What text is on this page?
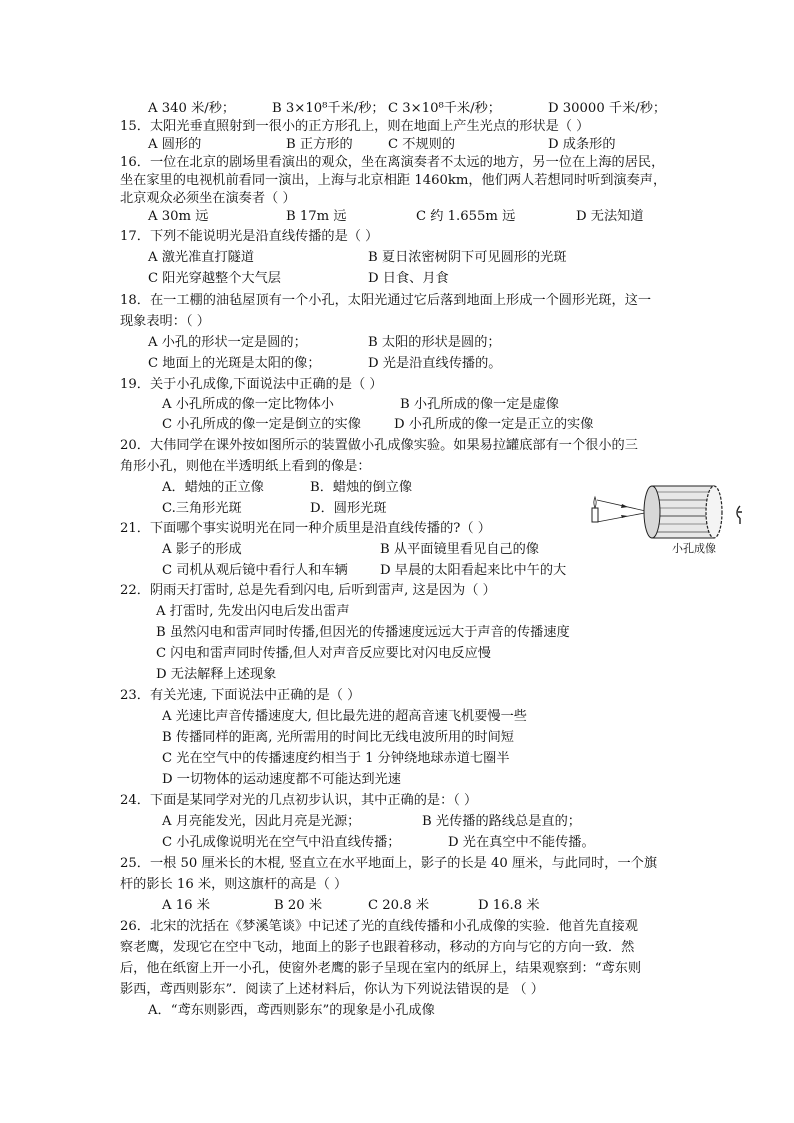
A 340 米/秒；	B 3×10⁸千米/秒； C 3×10⁸千米/秒；	D 30000 千米/秒；
15．太阳光垂直照射到一很小的正方形孔上，则在地面上产生光点的形状是（ ）
A 圆形的	B 正方形的	C 不规则的	D 成条形的
16．一位在北京的剧场里看演出的观众，坐在离演奏者不太远的地方，另一位在上海的居民，
坐在家里的电视机前看同一演出，上海与北京相距 1460km，他们两人若想同时听到演奏声，
北京观众必须坐在演奏者（ ）
A 30m 远	B 17m 远	C 约 1.655m 远	D 无法知道
17．下列不能说明光是沿直线传播的是（ ）
A 激光准直打隧道	B 夏日浓密树阴下可见圆形的光斑
C 阳光穿越整个大气层	D 日食、月食
18．在一工棚的油毡屋顶有一个小孔，太阳光通过它后落到地面上形成一个圆形光斑，这一
现象表明：（ ）
A 小孔的形状一定是圆的；	B 太阳的形状是圆的；
C 地面上的光斑是太阳的像；	D 光是沿直线传播的。
19．关于小孔成像,下面说法中正确的是（ ）
A 小孔所成的像一定比物体小	B 小孔所成的像一定是虚像
C 小孔所成的像一定是倒立的实像	D 小孔所成的像一定是正立的实像
20．大伟同学在课外按如图所示的装置做小孔成像实验。如果易拉罐底部有一个很小的三
角形小孔，则他在半透明纸上看到的像是：
A．蜡烛的正立像	B．蜡烛的倒立像
C.三角形光斑	D．圆形光斑
21．下面哪个事实说明光在同一种介质里是沿直线传播的?（ ）
A 影子的形成	B 从平面镜里看见自己的像
C 司机从观后镜中看行人和车辆 D 早晨的太阳看起来比中午的大
22．阴雨天打雷时, 总是先看到闪电, 后听到雷声, 这是因为（ ）
A 打雷时, 先发出闪电后发出雷声
B 虽然闪电和雷声同时传播,但因光的传播速度远远大于声音的传播速度
C 闪电和雷声同时传播,但人对声音反应要比对闪电反应慢
D 无法解释上述现象
23．有关光速, 下面说法中正确的是（ ）
A 光速比声音传播速度大, 但比最先进的超高音速飞机要慢一些
B 传播同样的距离, 光所需用的时间比无线电波所用的时间短
C 光在空气中的传播速度约相当于 1 分钟绕地球赤道七圈半
D 一切物体的运动速度都不可能达到光速
24．下面是某同学对光的几点初步认识，其中正确的是：（ ）
A 月亮能发光，因此月亮是光源；	B 光传播的路线总是直的；
C 小孔成像说明光在空气中沿直线传播；	D 光在真空中不能传播。
25．一根 50 厘米长的木棍, 竖直立在水平地面上，影子的长是 40 厘米，与此同时，一个旗
杆的影长 16 米，则这旗杆的高是（ ）
A 16 米	B 20 米	C 20.8 米	D 16.8 米
26．北宋的沈括在《梦溪笔谈》中记述了光的直线传播和小孔成像的实验．他首先直接观
察老鹰，发现它在空中飞动，地面上的影子也跟着移动，移动的方向与它的方向一致．然
后，他在纸窗上开一小孔，使窗外老鹰的影子呈现在室内的纸屏上，结果观察到：“鸢东则
影西，鸢西则影东”．阅读了上述材料后，你认为下列说法错误的是 （ ）
A．“鸢东则影西，鸢西则影东”的现象是小孔成像
小孔成像
